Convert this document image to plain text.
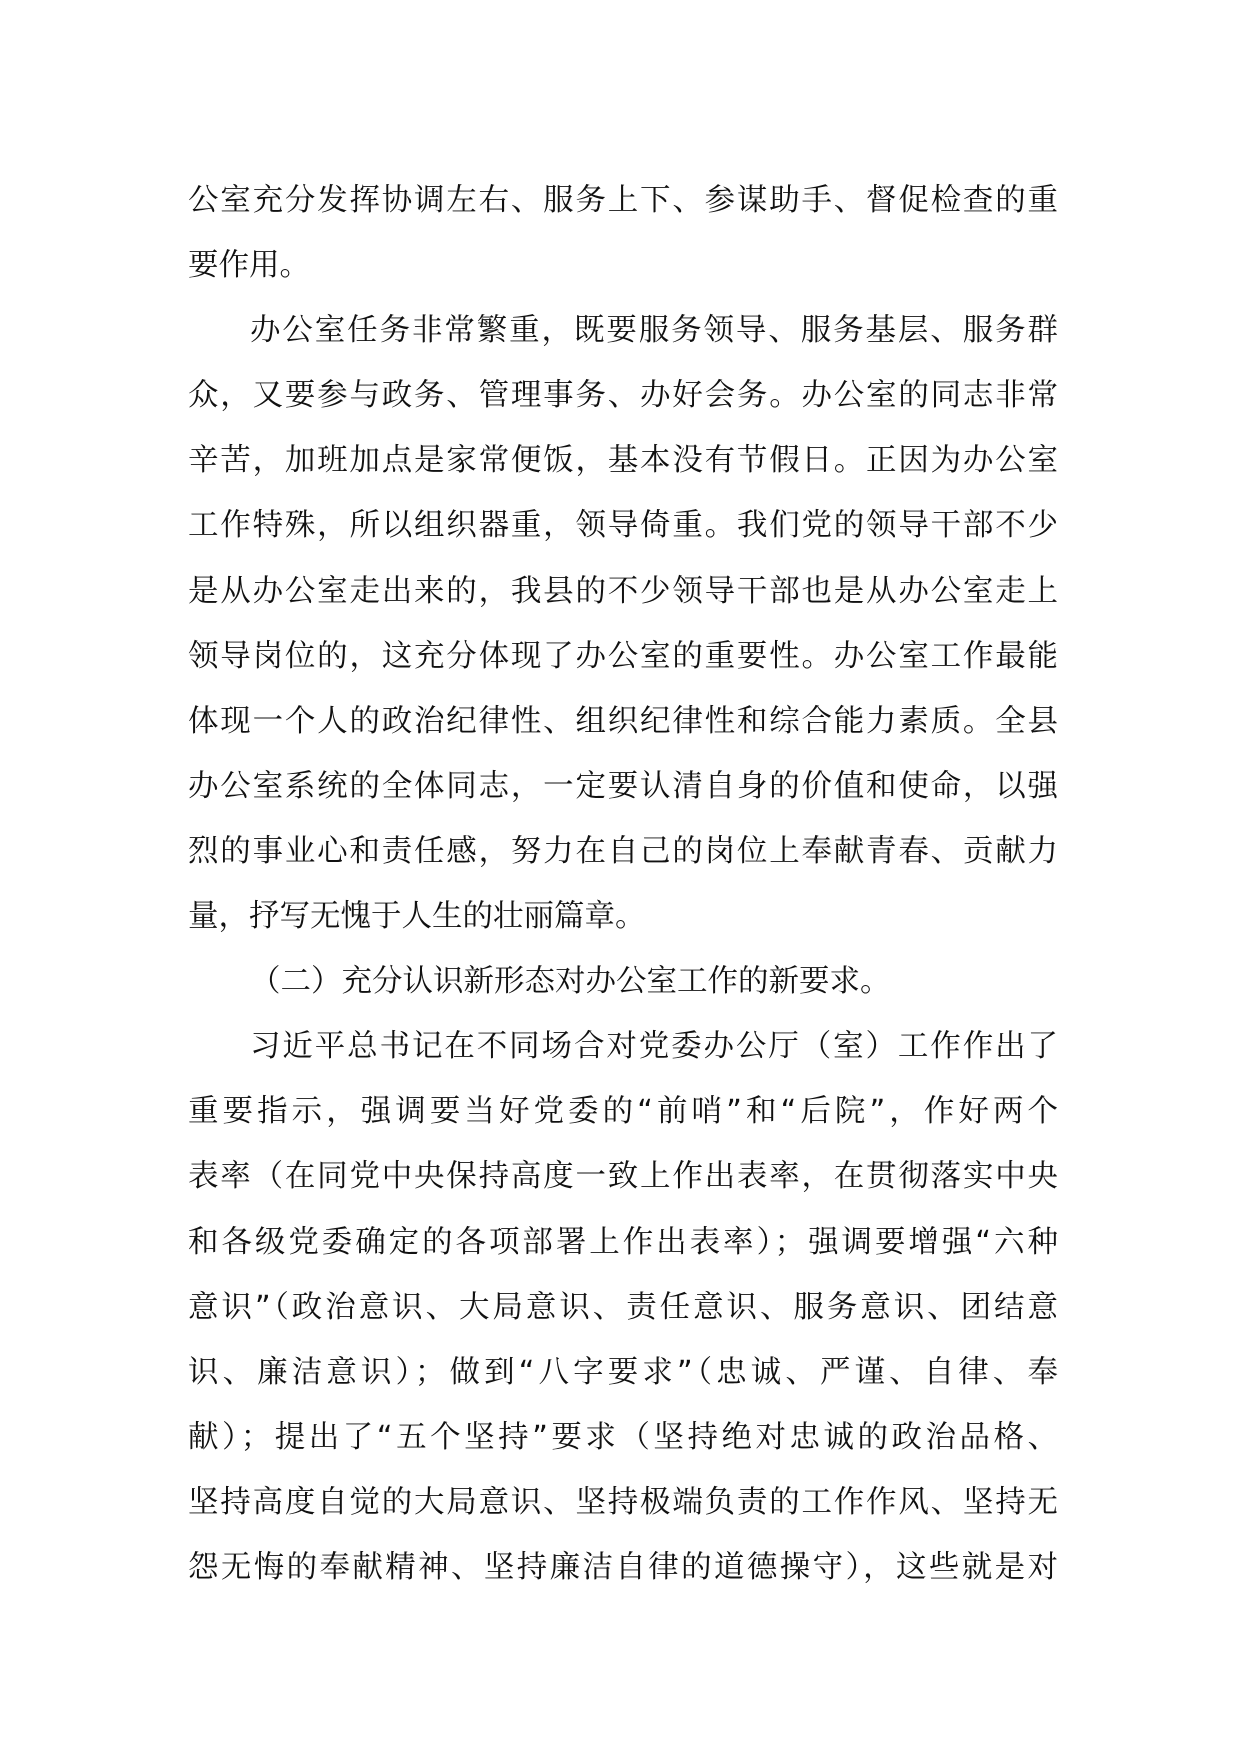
公室充分发挥协调左右、服务上下、参谋助手、督促检查的重
要作用。
办公室任务非常繁重，既要服务领导、服务基层、服务群
众，又要参与政务、管理事务、办好会务。办公室的同志非常
辛苦，加班加点是家常便饭，基本没有节假日。正因为办公室
工作特殊，所以组织器重，领导倚重。我们党的领导干部不少
是从办公室走出来的，我县的不少领导干部也是从办公室走上
领导岗位的，这充分体现了办公室的重要性。办公室工作最能
体现一个人的政治纪律性、组织纪律性和综合能力素质。全县
办公室系统的全体同志，一定要认清自身的价值和使命，以强
烈的事业心和责任感，努力在自己的岗位上奉献青春、贡献力
量，抒写无愧于人生的壮丽篇章。
（二）充分认识新形态对办公室工作的新要求。
习近平总书记在不同场合对党委办公厅（室）工作作出了
重要指示，强调要当好党委的“前哨”和“后院”，作好两个
表率（在同党中央保持高度一致上作出表率，在贯彻落实中央
和各级党委确定的各项部署上作出表率）；强调要增强“六种
意识”（政治意识、大局意识、责任意识、服务意识、团结意
识、廉洁意识）；做到“八字要求”（忠诚、严谨、自律、奉
献）；提出了“五个坚持”要求（坚持绝对忠诚的政治品格、
坚持高度自觉的大局意识、坚持极端负责的工作作风、坚持无
怨无悔的奉献精神、坚持廉洁自律的道德操守），这些就是对
